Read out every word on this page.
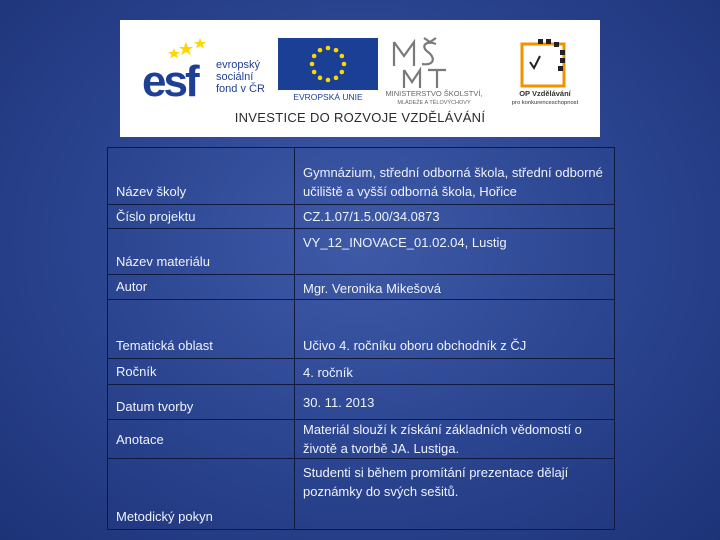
esf	evropský
sociální
fond v ČR
EVROPSKÁ UNIE	MINISTERSTVO ŠKOLSTVÍ,
MLÁDEŽE A TĚLOVÝCHOVY
OP Vzdělávání
pro konkurenceschopnost
INVESTICE DO ROZVOJE VZDĚLÁVÁNÍ
Název školy	Gymnázium, střední odborná škola, střední odborné učiliště a vyšší odborná škola, Hořice
Číslo projektu	CZ.1.07/1.5.00/34.0873
Název materiálu	VY_12_INOVACE_01.02.04, Lustig
Autor	Mgr. Veronika Mikešová
Tematická oblast	Učivo 4. ročníku oboru obchodník z ČJ
Ročník	4. ročník
Datum tvorby	30. 11. 2013
Anotace	Materiál slouží k získání základních vědomostí o životě a tvorbě JA. Lustiga.
Metodický pokyn	Studenti si během promítání prezentace dělají poznámky do svých sešitů.
